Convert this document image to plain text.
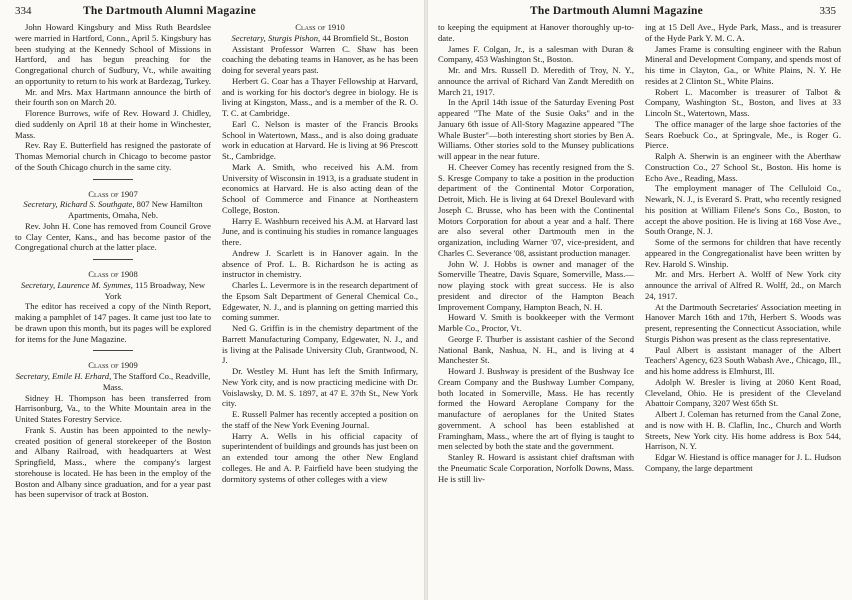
334	The Dartmouth Alumni Magazine

John Howard Kingsbury and Miss Ruth Beardslee were married in Hartford, Conn., April 5. Kingsbury has been studying at the Kennedy School of Missions in Hartford, and has begun preaching for the Congregational church of Sudbury, Vt., while awaiting an opportunity to return to his work at Bardezag, Turkey.

Mr. and Mrs. Max Hartmann announce the birth of their fourth son on March 20.

Florence Burrows, wife of Rev. Howard J. Chidley, died suddenly on April 18 at their home in Winchester, Mass.

Rev. Ray E. Butterfield has resigned the pastorate of Thomas Memorial church in Chicago to become pastor of the South Chicago church in the same city.

Class of 1907

Secretary, Richard S. Southgate, 807 New Hamilton Apartments, Omaha, Neb.

Rev. John H. Cone has removed from Council Grove to Clay Center, Kans., and has become pastor of the Congregational church at the latter place.

Class of 1908

Secretary, Laurence M. Symmes, 115 Broadway, New York

The editor has received a copy of the Ninth Report, making a pamphlet of 147 pages. It came just too late to be drawn upon this month, but its pages will be explored for items for the June Magazine.

Class of 1909

Secretary, Emile H. Erhard, The Stafford Co., Readville, Mass.

Sidney H. Thompson has been transferred from Harrisonburg, Va., to the White Mountain area in the United States Forestry Service.

Frank S. Austin has been appointed to the newly-created position of general storekeeper of the Boston and Albany Railroad, with headquarters at West Springfield, Mass., where the company's largest storehouse is located. He has been in the employ of the Boston and Albany since graduation, and for a year past has been supervisor of track at Boston.

Class of 1910

Secretary, Sturgis Pishon, 44 Bromfield St., Boston

Assistant Professor Warren C. Shaw has been coaching the debating teams in Hanover, as he has been doing for several years past.

Herbert G. Coar has a Thayer Fellowship at Harvard, and is working for his doctor's degree in biology. He is living at Kingston, Mass., and is a member of the R. O. T. C. at Cambridge.

Earl C. Nelson is master of the Francis Brooks School in Watertown, Mass., and is also doing graduate work in education at Harvard. He is living at 96 Prescott St., Cambridge.

Mark A. Smith, who received his A.M. from University of Wisconsin in 1913, is a graduate student in economics at Harvard. He is also acting dean of the School of Commerce and Finance at Northeastern College, Boston.

Harry E. Washburn received his A.M. at Harvard last June, and is continuing his studies in romance languages there.

Andrew J. Scarlett is in Hanover again. In the absence of Prof. L. B. Richardson he is acting as instructor in chemistry.

Charles L. Levermore is in the research department of the Epsom Salt Department of General Chemical Co., Edgewater, N. J., and is planning on getting married this coming summer.

Ned G. Griffin is in the chemistry department of the Barrett Manufacturing Company, Edgewater, N. J., and is living at the Palisade University Club, Grantwood, N. J.

Dr. Westley M. Hunt has left the Smith Infirmary, New York city, and is now practicing medicine with Dr. Voislawsky, D. M. S. 1897, at 47 E. 37th St., New York city.

E. Russell Palmer has recently accepted a position on the staff of the New York Evening Journal.

Harry A. Wells in his official capacity of superintendent of buildings and grounds has just been on an extended tour among the other New England colleges. He and A. P. Fairfield have been studying the dormitory systems of other colleges with a view

The Dartmouth Alumni Magazine	335

to keeping the equipment at Hanover thoroughly up-to-date.

James F. Colgan, Jr., is a salesman with Duran & Company, 453 Washington St., Boston.

Mr. and Mrs. Russell D. Meredith of Troy, N. Y., announce the arrival of Richard Van Zandt Meredith on March 21, 1917.

In the April 14th issue of the Saturday Evening Post appeared "The Mate of the Susie Oaks" and in the January 6th issue of All-Story Magazine appeared "The Whale Buster"—both interesting short stories by Ben A. Williams. Other stories sold to the Munsey publications will appear in the near future.

H. Cheever Comey has recently resigned from the S. S. Kresge Company to take a position in the production department of the Continental Motor Corporation, Detroit, Mich. He is living at 64 Drexel Boulevard with Joseph C. Brusse, who has been with the Continental Motors Corporation for about a year and a half. There are also several other Dartmouth men in the organization, including Warner '07, vice-president, and Charles C. Severance '08, assistant production manager.

John W. J. Hobbs is owner and manager of the Somerville Theatre, Davis Square, Somerville, Mass.—now playing stock with great success. He is also president and director of the Hampton Beach Improvement Company, Hampton Beach, N. H.

Howard V. Smith is bookkeeper with the Vermont Marble Co., Proctor, Vt.

George F. Thurber is assistant cashier of the Second National Bank, Nashua, N. H., and is living at 4 Manchester St.

Howard J. Bushway is president of the Bushway Ice Cream Company and the Bushway Lumber Company, both located in Somerville, Mass. He has recently formed the Howard Aeroplane Company for the manufacture of aeroplanes for the United States government. A school has been established at Framingham, Mass., where the art of flying is taught to men selected by both the state and the government.

Stanley R. Howard is assistant chief draftsman with the Pneumatic Scale Corporation, Norfolk Downs, Mass. He is still liv-

ing at 15 Dell Ave., Hyde Park, Mass., and is treasurer of the Hyde Park Y. M. C. A.

James Frame is consulting engineer with the Rabun Mineral and Development Company, and spends most of his time in Clayton, Ga., or White Plains, N. Y. He resides at 2 Clinton St., White Plains.

Robert L. Macomber is treasurer of Talbot & Company, Washington St., Boston, and lives at 33 Lincoln St., Watertown, Mass.

The office manager of the large shoe factories of the Sears Roebuck Co., at Springvale, Me., is Roger G. Pierce.

Ralph A. Sherwin is an engineer with the Aberthaw Construction Co., 27 School St., Boston. His home is Echo Ave., Reading, Mass.

The employment manager of The Celluloid Co., Newark, N. J., is Everard S. Pratt, who recently resigned his position at William Filene's Sons Co., Boston, to accept the above position. He is living at 168 Vose Ave., South Orange, N. J.

Some of the sermons for children that have recently appeared in the Congregationalist have been written by Rev. Harold S. Winship.

Mr. and Mrs. Herbert A. Wolff of New York city announce the arrival of Alfred R. Wolff, 2d., on March 24, 1917.

At the Dartmouth Secretaries' Association meeting in Hanover March 16th and 17th, Herbert S. Woods was present, representing the Connecticut Association, while Sturgis Pishon was present as the class representative.

Paul Albert is assistant manager of the Albert Teachers' Agency, 623 South Wabash Ave., Chicago, Ill., and his home address is Elmhurst, Ill.

Adolph W. Bresler is living at 2060 Kent Road, Cleveland, Ohio. He is president of the Cleveland Abattoir Company, 3207 West 65th St.

Albert J. Coleman has returned from the Canal Zone, and is now with H. B. Claflin, Inc., Church and Worth Streets, New York city. His home address is Box 544, Harrison, N. Y.

Edgar W. Hiestand is office manager for J. L. Hudson Company, the large department
